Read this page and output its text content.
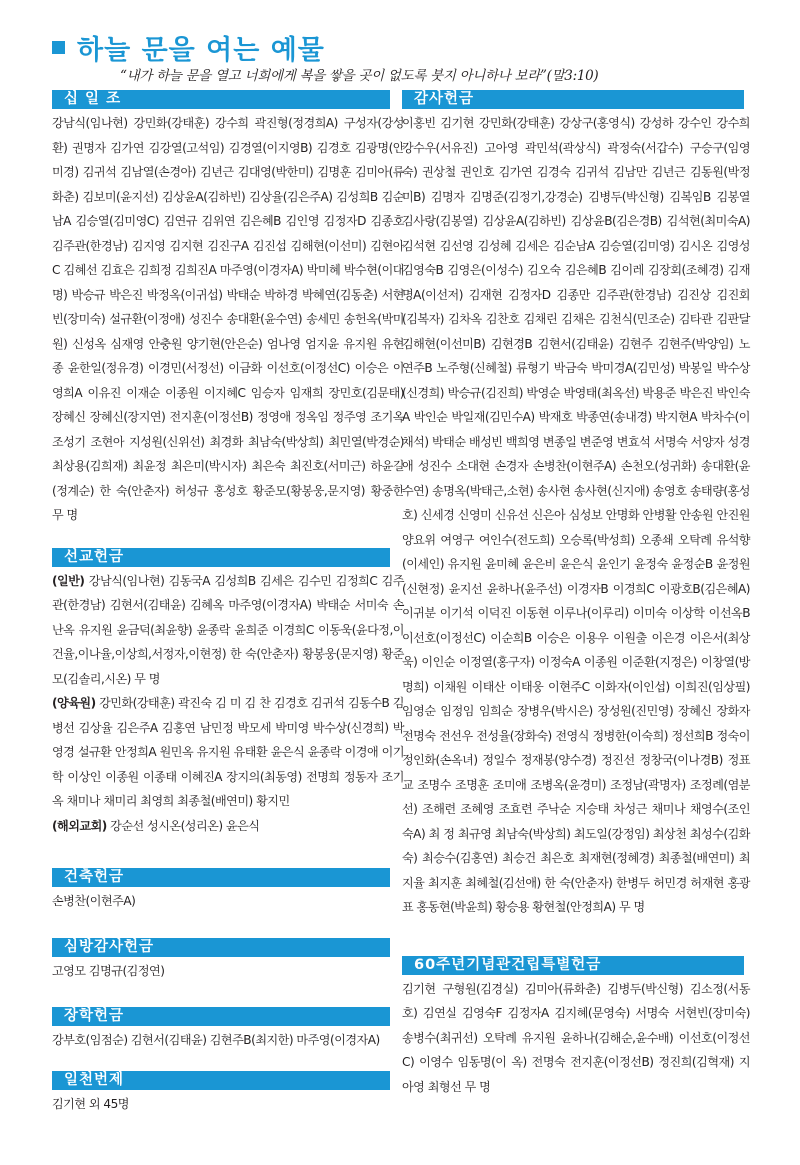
하늘 문을 여는 예물
“내가 하늘 문을 열고 너희에게 복을 쌓을 곳이 없도록 붓지 아니하나 보라”(말3:10)
십 일 조
강남식(임나현) 강민화(강태훈) 강수희 곽진형(정경희A) 구성자(강성환) 권명자 김가연 김강열(고석임) 김경열(이지영B) 김경호 김광명(안미경) 김귀석 김남열(손경아) 김년근 김대영(박한미) 김명훈 김미아(류화춘) 김보미(윤지선) 김상윤A(김하빈) 김상율(김은주A) 김성희B 김순남A 김승열(김미영C) 김연규 김위연 김은혜B 김인영 김정자D 김종호 김주관(한경남) 김지영 김지현 김진구A 김진섭 김해현(이선미) 김현아C 김혜선 김효은 김희정 김희진A 마주영(이경자A) 박미혜 박수현(이대명) 박승규 박은진 박정옥(이귀섭) 박태순 박하경 박혜연(김동춘) 서현빈(장미숙) 설규환(이정애) 성진수 송대환(윤수연) 송세민 송헌옥(박미원) 신성옥 심재영 안충원 양기현(안은순) 엄나영 엄지윤 유지원 유현종 윤한일(정유경) 이경민(서정선) 이금화 이선호(이정선C) 이승은 이영희A 이유진 이재순 이종원 이지혜C 임승자 임재희 장민호(김문태) 장혜신 장혜신(장지연) 전지훈(이정선B) 정영애 정옥임 정주영 조기옥 조성기 조현아 지성원(신위선) 최경화 최남숙(박상희) 최민열(박경순) 최상용(김희재) 최윤정 최은미(박시자) 최은숙 최진호(서미근) 하윤길(정계순) 한 숙(안춘자) 허성규 홍성호 황준모(황봉웅,문지영) 황중한 무 명
선교헌금
(일반) 강남식(임나현) 김동국A 김성희B 김세은 김수민 김정희C 김주관(한경남) 김현서(김태윤) 김혜옥 마주영(이경자A) 박태순 서미숙 손난옥 유지원 윤금덕(최윤향) 윤종락 윤희준 이경희C 이동욱(윤다정,이건율,이나율,이상희,서정자,이현정) 한 숙(안춘자) 황봉웅(문지영) 황준모(김솔리,시온) 무 명
(양육원) 강민화(강태훈) 곽진숙 김 미 김 찬 김경호 김귀석 김동수B 김병선 김상율 김은주A 김홍연 남민정 박모세 박미영 박수상(신경희) 박영경 설규환 안정희A 원민옥 유지원 유태환 윤은식 윤종락 이경애 이기학 이상인 이종원 이종태 이혜진A 장지의(최동영) 전명희 정동자 조기옥 채미나 채미리 최영희 최종철(배연미) 황지민
(해외교회) 강순선 성시온(성리온) 윤은식
건축헌금
손병찬(이현주A)
심방감사헌금
고영모 김명규(김정연)
장학헌금
강부호(임점순) 김현서(김태윤) 김현주B(최지한) 마주영(이경자A)
일천번제
김기현 외 45명
감사헌금
이홍빈 김기현 강민화(강태훈) 강상구(홍영식) 강성하 강수인 강수희 강수우(서유진) 고아영 곽민석(곽상식) 곽정숙(서갑수) 구승구(임영숙) 권상철 권인호 김가연 김경숙 김귀석 김남만 김년근 김동원(박정미B) 김명자 김명준(김정기,강경순) 김병두(박신형) 김복임B 김봉열 김사랑(김봉열) 김상윤A(김하빈) 김상윤B(김은경B) 김석현(최미숙A) 김석현 김선영 김성혜 김세은 김순남A 김승열(김미영) 김시온 김영성 김영숙B 김영은(이성수) 김오숙 김은혜B 김이레 김장회(조혜경) 김재명A(이선저) 김재현 김정자D 김종만 김주관(한경남) 김진상 김진회(김복자) 김차옥 김찬호 김채린 김채은 김천식(민조순) 김타관 김판달 김해현(이선미B) 김현경B 김현서(김태윤) 김현주 김현주(박양임) 노연주B 노주형(신혜철) 류형기 박금숙 박미경A(김민성) 박봉일 박수상(신경희) 박승규(김진희) 박영순 박영태(최옥선) 박용준 박은진 박인숙A 박인순 박일재(김민수A) 박재호 박종연(송내경) 박지현A 박차수(이채석) 박태순 배성빈 백희영 변종일 변준영 변효석 서명숙 서양자 성경애 성진수 소대현 손경자 손병찬(이현주A) 손천오(성귀화) 송대환(윤수연) 송명옥(박태근,소현) 송사현 송사현(신지애) 송영호 송태량(홍성호) 신세경 신영미 신유선 신은아 심성보 안명화 안병활 안송원 안진원 양요위 여영구 여인수(전도희) 오승록(박성희) 오종쇄 오탁례 유석향(이세인) 유지원 윤미혜 윤은비 윤은식 윤인기 윤정숙 윤정순B 윤정원(신현정) 윤지선 윤하나(윤주선) 이경자B 이경희C 이광호B(김은혜A) 이귀분 이기석 이덕진 이동현 이루나(이루리) 이미숙 이상학 이선옥B 이선호(이정선C) 이순희B 이승은 이용우 이원출 이은경 이은서(최상욱) 이인순 이정열(홍구자) 이정숙A 이종원 이준환(지정은) 이창열(방명희) 이채원 이태산 이태웅 이현주C 이화자(이인섭) 이희진(임상필) 임영순 임정임 임희순 장병우(박시은) 장성원(진민영) 장혜신 장화자 전명숙 전선우 전성율(장화숙) 전영식 정병한(이숙희) 정선희B 정숙이 정인화(손옥녀) 정일수 정재봉(양수경) 정진선 정창국(이나경B) 정표교 조명수 조명훈 조미애 조병옥(윤경미) 조정남(곽명자) 조정례(염분선) 조해련 조혜영 조효련 주낙순 지승태 차성근 채미나 채영수(조인숙A) 최 정 최규영 최남숙(박상희) 최도일(강정임) 최상천 최성수(김화숙) 최승수(김홍연) 최승건 최은호 최재현(정혜경) 최종철(배연미) 최지율 최지훈 최혜철(김선애) 한 숙(안춘자) 한병두 허민경 허재현 홍광표 홍동현(박윤희) 황승용 황현철(안정희A) 무 명
60주년기념관건립특별헌금
김기현 구형원(김경실) 김미아(류화춘) 김병두(박신형) 김소정(서동호) 김연실 김영숙F 김정자A 김지혜(문영숙) 서명숙 서현빈(장미숙) 송병수(최귀선) 오탁례 유지원 윤하나(김해순,윤수배) 이선호(이정선C) 이영수 임동명(이 옥) 전명숙 전지훈(이정선B) 정진희(김혁재) 지아영 최형선 무 명
